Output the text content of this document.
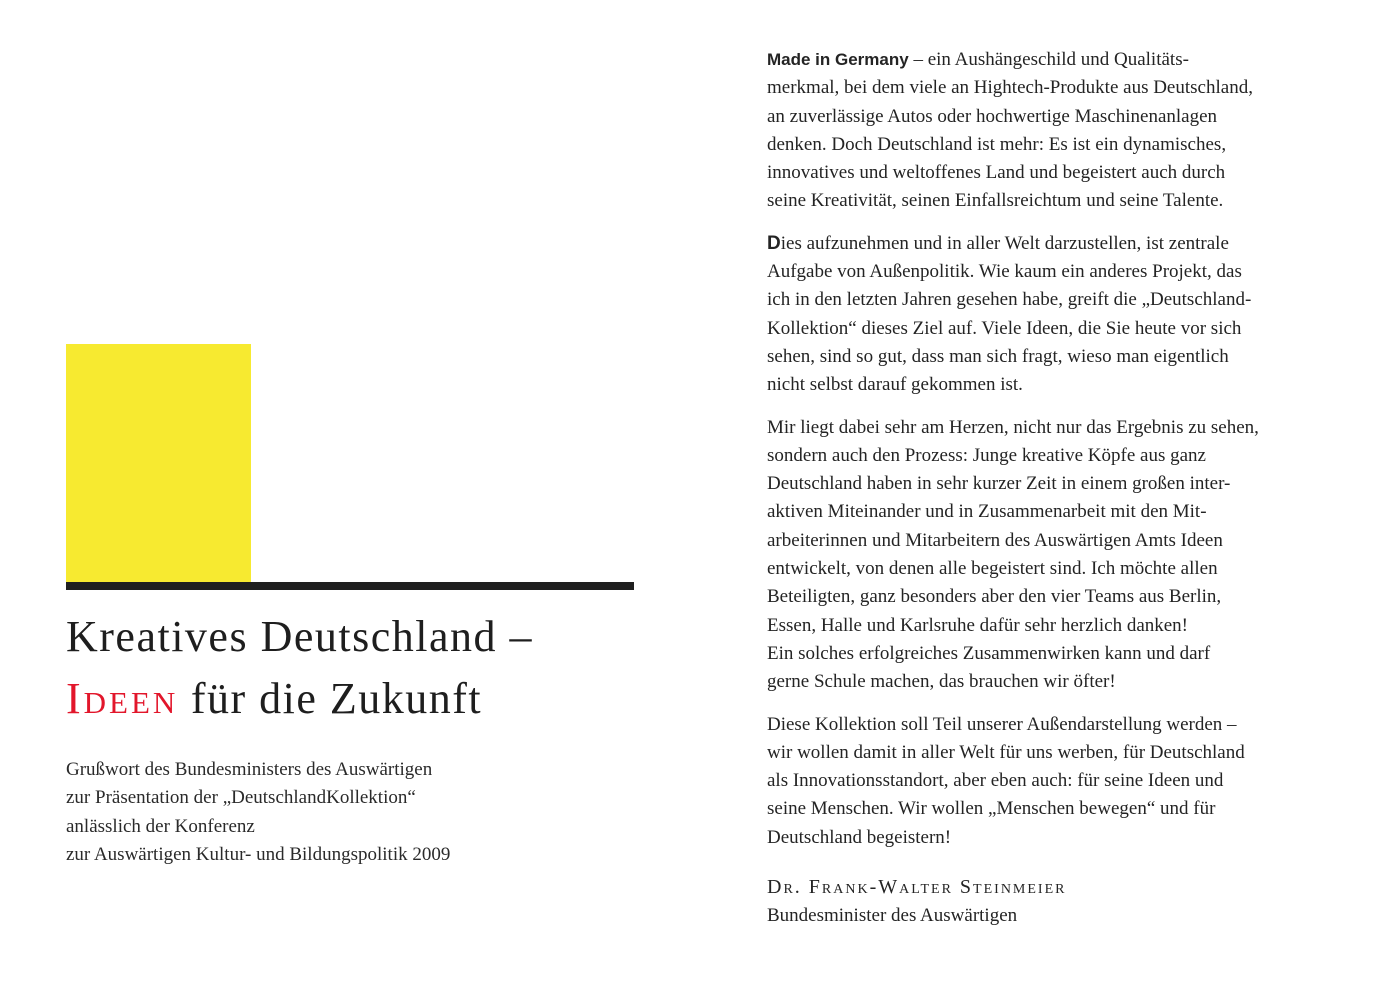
Kreatives Deutschland –
Ideen für die Zukunft
Grußwort des Bundesministers des Auswärtigen
zur Präsentation der „DeutschlandKollektion“
anlässlich der Konferenz
zur Auswärtigen Kultur- und Bildungspolitik 2009

Made in Germany – ein Aushängeschild und Qualitäts-
merkmal, bei dem viele an Hightech-Produkte aus Deutschland,
an zuverlässige Autos oder hochwertige Maschinenanlagen
denken. Doch Deutschland ist mehr: Es ist ein dynamisches,
innovatives und weltoffenes Land und begeistert auch durch
seine Kreativität, seinen Einfallsreichtum und seine Talente.

Dies aufzunehmen und in aller Welt darzustellen, ist zentrale
Aufgabe von Außenpolitik. Wie kaum ein anderes Projekt, das
ich in den letzten Jahren gesehen habe, greift die „Deutschland-
Kollektion“ dieses Ziel auf. Viele Ideen, die Sie heute vor sich
sehen, sind so gut, dass man sich fragt, wieso man eigentlich
nicht selbst darauf gekommen ist.

Mir liegt dabei sehr am Herzen, nicht nur das Ergebnis zu sehen,
sondern auch den Prozess: Junge kreative Köpfe aus ganz
Deutschland haben in sehr kurzer Zeit in einem großen inter-
aktiven Miteinander und in Zusammenarbeit mit den Mit-
arbeiterinnen und Mitarbeitern des Auswärtigen Amts Ideen
entwickelt, von denen alle begeistert sind. Ich möchte allen
Beteiligten, ganz besonders aber den vier Teams aus Berlin,
Essen, Halle und Karlsruhe dafür sehr herzlich danken!
Ein solches erfolgreiches Zusammenwirken kann und darf
gerne Schule machen, das brauchen wir öfter!

Diese Kollektion soll Teil unserer Außendarstellung werden –
wir wollen damit in aller Welt für uns werben, für Deutschland
als Innovationsstandort, aber eben auch: für seine Ideen und
seine Menschen. Wir wollen „Menschen bewegen“ und für
Deutschland begeistern!

Dr. Frank-Walter Steinmeier
Bundesminister des Auswärtigen
